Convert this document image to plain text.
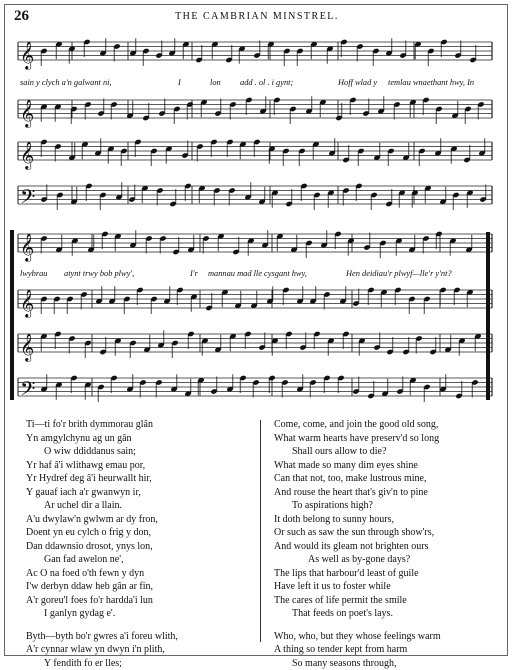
26	THE CAMBRIAN MINSTREL.
𝄞
𝄞
𝄞
𝄢
𝄞
𝄞
𝄞
𝄢
sain y clych a'n galwant ni,	I	lon add . ol . i gynt;	Hoff wlad y temlau wnaethant hwy, In
lwybrau atynt trwy bob plwy',	I'r mannau mad lle cysgant hwy,	Hen deidiau'r plwyf—lle'r y'nt?
Ti—ti fo'r brith dymmorau glân
Yn amgylchynu ag un gân
O wiw ddiddanus sain;
Yr haf â'i wlithawg emau por,
Yr Hydref deg â'i heurwallt hir,
Y gauaf iach a'r gwanwyn ir,
Ar uchel dir a llain.
A'u dwylaw'n gwlwm ar dy fron,
Doent yn eu cylch o frig y don,
Dan ddawnsio drosot, ynys lon,
Gan fad awelon ne',
Ac O na foed o'th fewn y dyn
I'w derbyn ddaw heb gân ar fin,
A'r goreu'l foes fo'r hardda'i lun
I ganlyn gydag e'.
Byth—byth bo'r gwres a'i foreu wlith,
A'r cynnar wlaw yn dwyn i'n plith,
Y fendith fo er lles;
Come, come, and join the good old song,
What warm hearts have preserv'd so long
Shall ours allow to die?
What made so many dim eyes shine
Can that not, too, make lustrous mine,
And rouse the heart that's giv'n to pine
To aspirations high?
It doth belong to sunny hours,
Or such as saw the sun through show'rs,
And would its gleam not brighten ours
As well as by-gone days?
The lips that harbour'd least of guile
Have left it us to foster while
The cares of life permit the smile
That feeds on poet's lays.
Who, who, but they whose feelings warm
A thing so tender kept from harm
So many seasons through,
